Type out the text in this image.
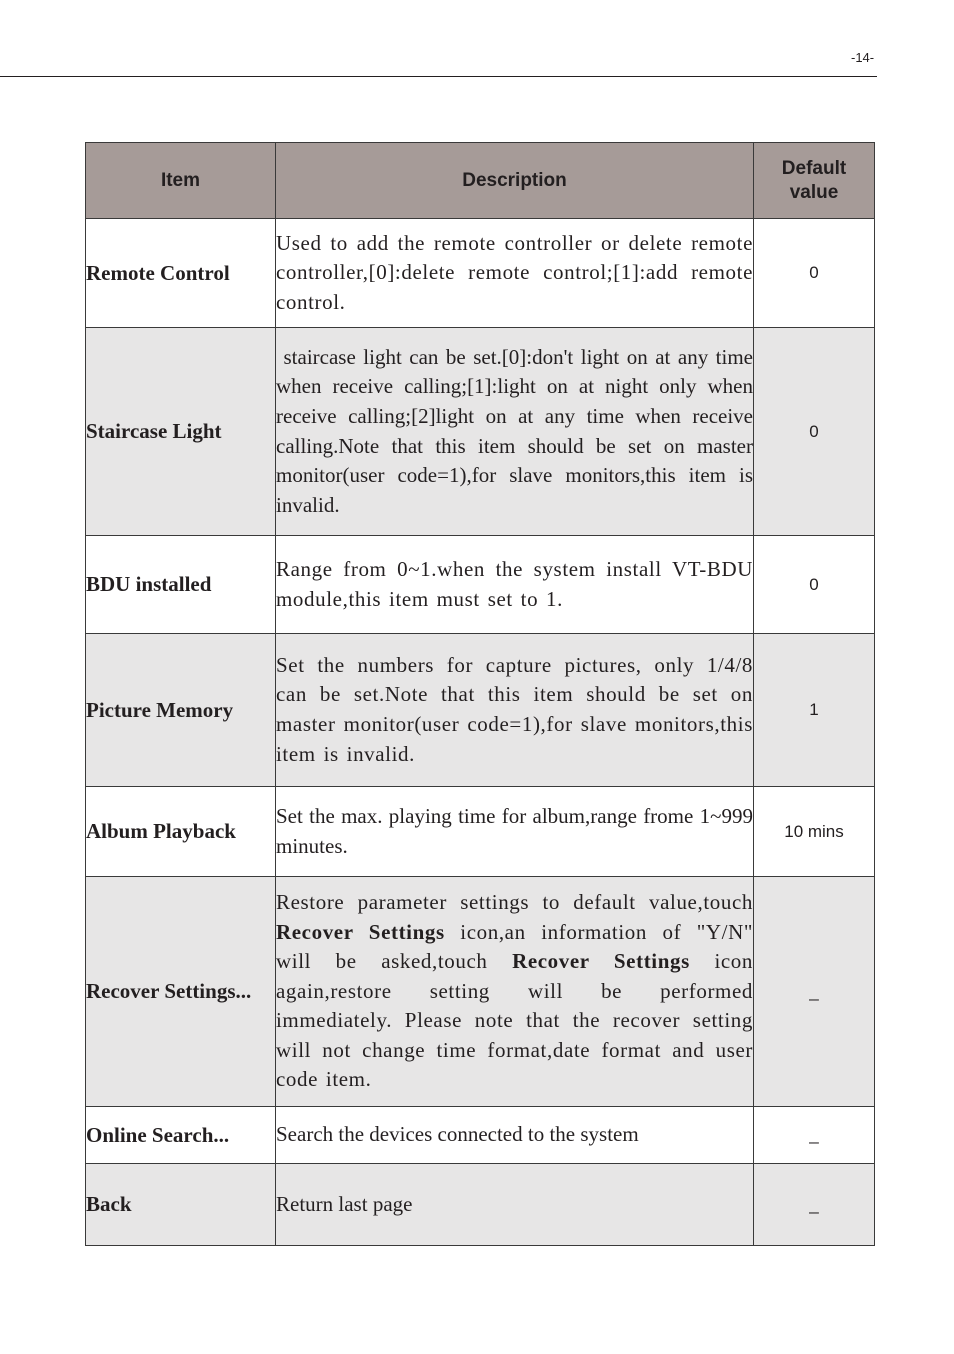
-14-
Item	Description	Default value
Remote Control	Used to add the remote controller or delete remote controller,[0]:delete remote control;[1]:add remote control.	0
Staircase Light	staircase light can be set.[0]:don't light on at any time when receive calling;[1]:light on at night only when receive calling;[2]light on at any time when receive calling.Note that this item should be set on master monitor(user code=1),for slave monitors,this item is invalid.	0
BDU installed	Range from 0~1.when the system install VT-BDU module,this item must set to 1.	0
Picture Memory	Set the numbers for capture pictures, only 1/4/8 can be set.Note that this item should be set on master monitor(user code=1),for slave monitors,this item is invalid.	1
Album Playback	Set the max. playing time for album,range frome 1~999 minutes.	10 mins
Recover Settings...	Restore parameter settings to default value,touch Recover Settings icon,an information of "Y/N" will be asked,touch Recover Settings icon again,restore setting will be performed immediately. Please note that the recover setting will not change time format,date format and user code item.	_
Online Search...	Search the devices connected to the system	_
Back	Return last page	_
